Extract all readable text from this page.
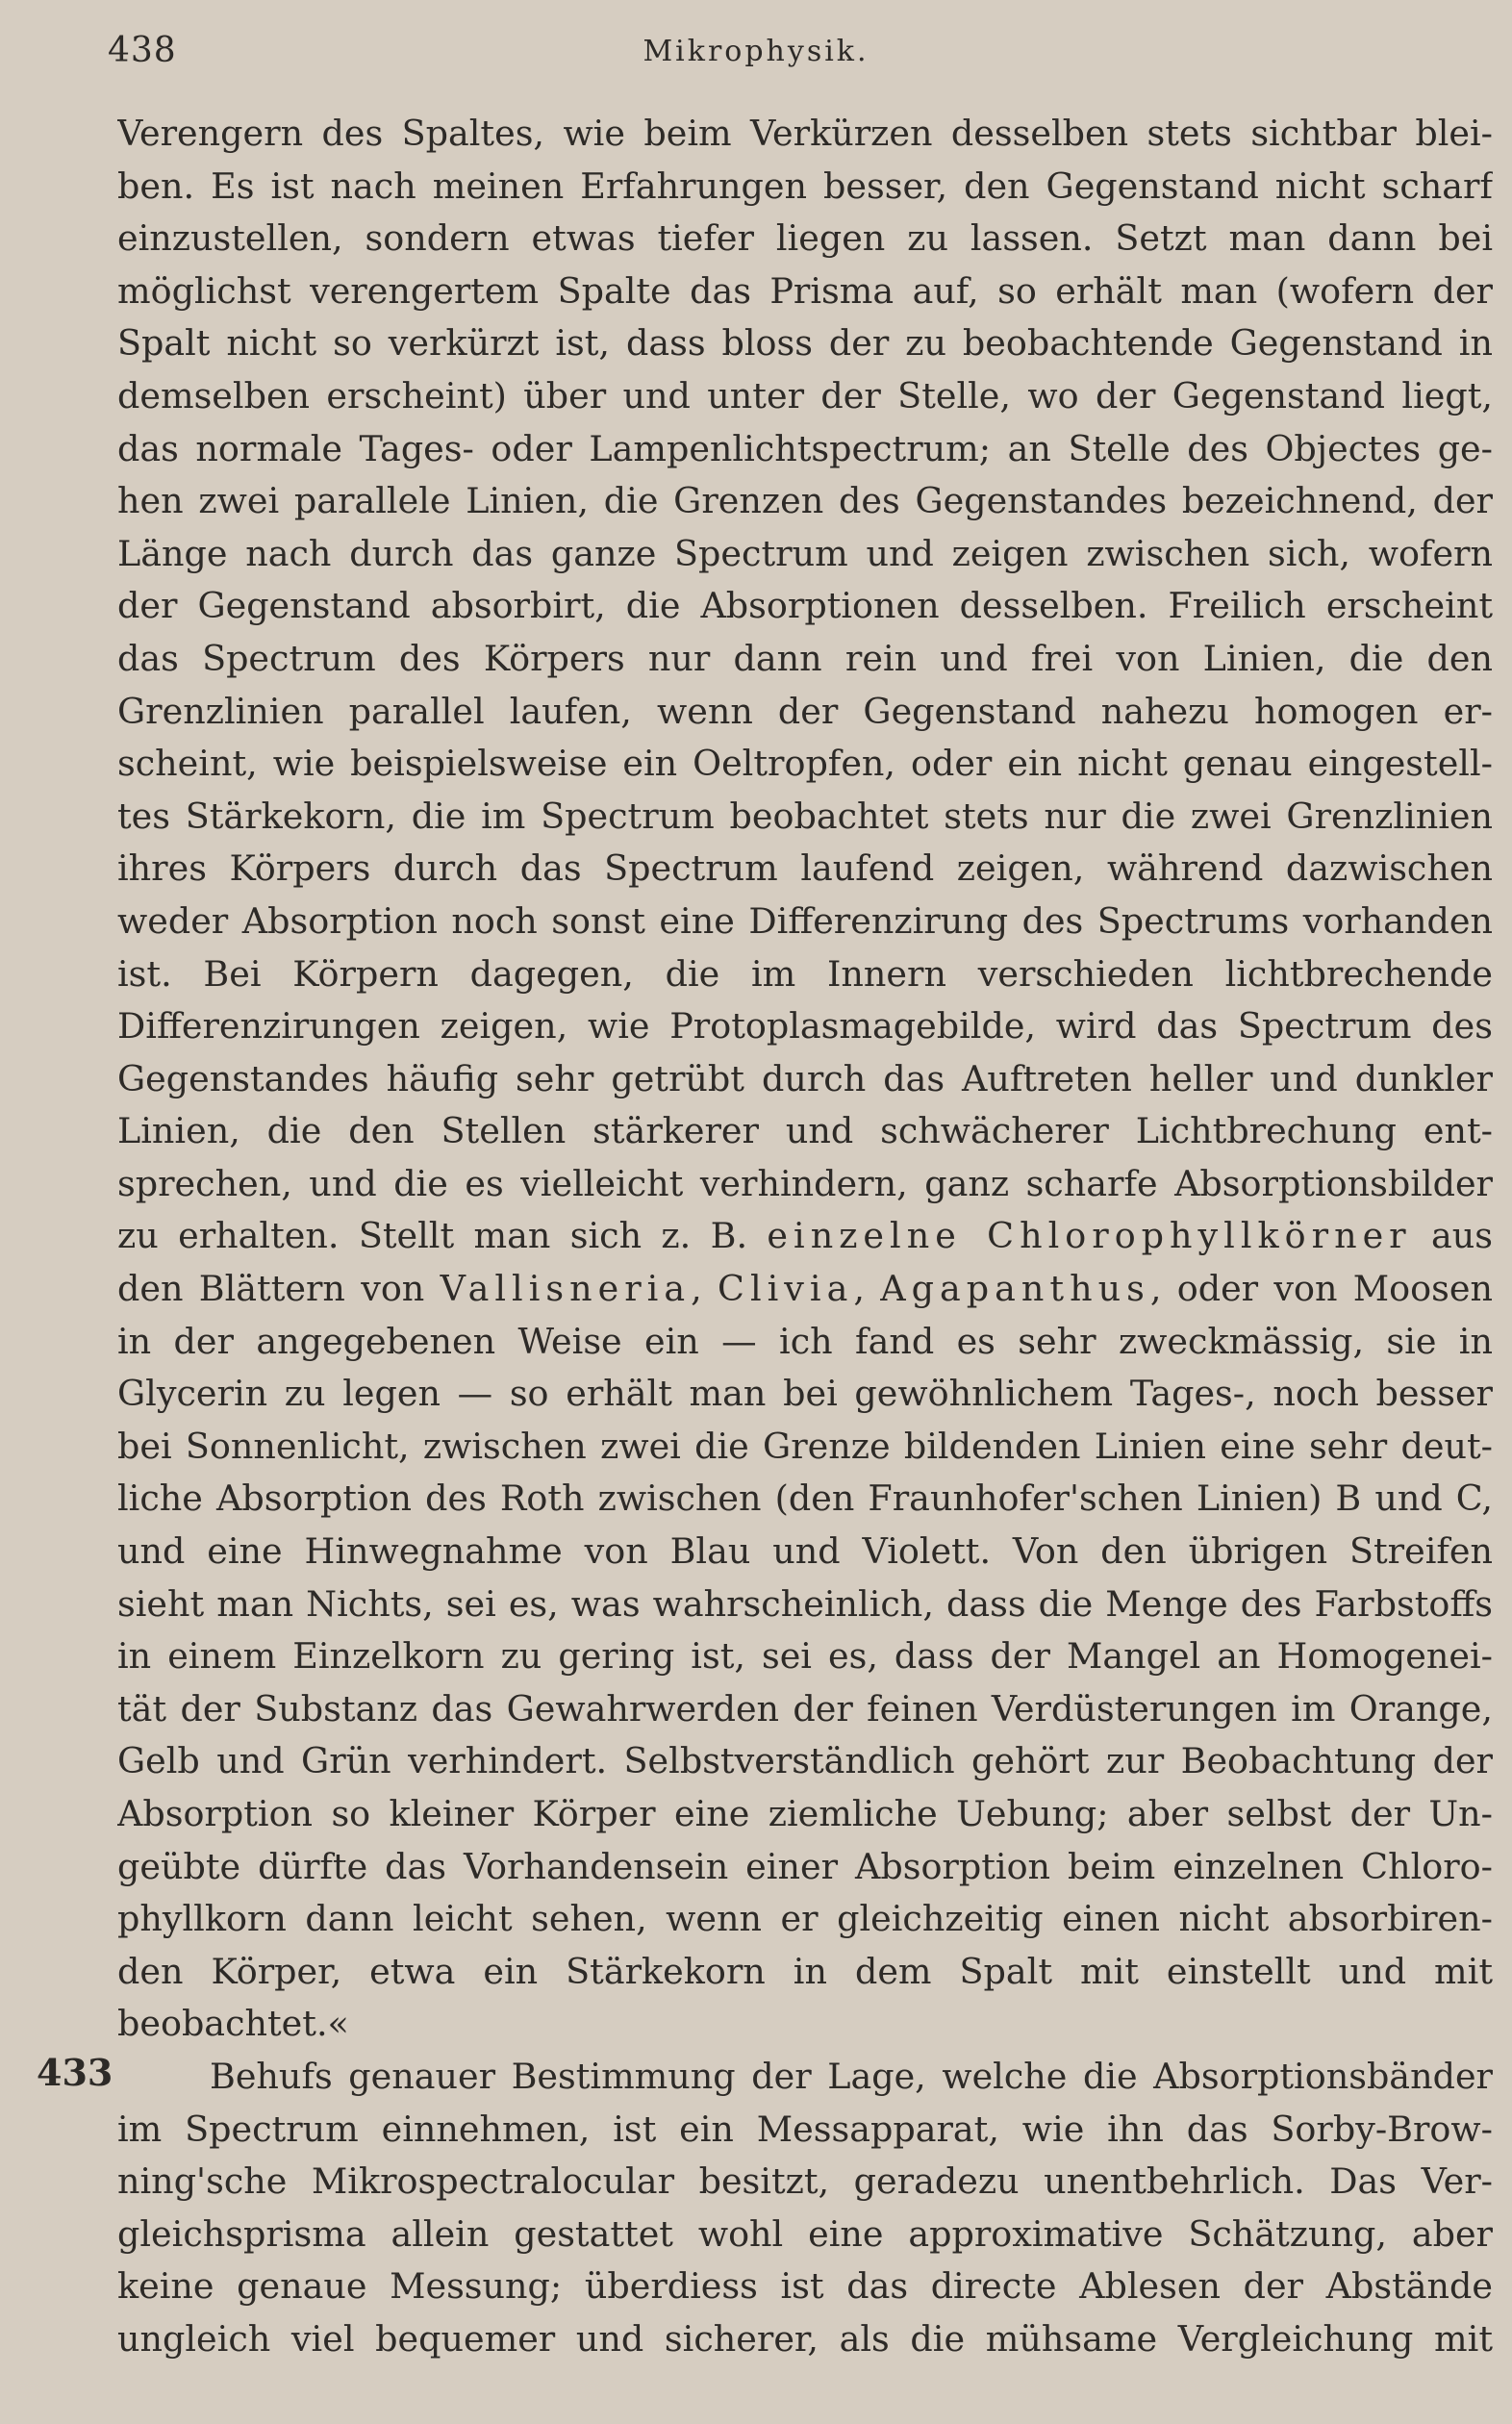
438	Mikrophysik.
Verengern des Spaltes, wie beim Verkürzen desselben stets sichtbar blei-
ben. Es ist nach meinen Erfahrungen besser, den Gegenstand nicht scharf
einzustellen, sondern etwas tiefer liegen zu lassen. Setzt man dann bei
möglichst verengertem Spalte das Prisma auf, so erhält man (wofern der
Spalt nicht so verkürzt ist, dass bloss der zu beobachtende Gegenstand in
demselben erscheint) über und unter der Stelle, wo der Gegenstand liegt,
das normale Tages- oder Lampenlichtspectrum; an Stelle des Objectes ge-
hen zwei parallele Linien, die Grenzen des Gegenstandes bezeichnend, der
Länge nach durch das ganze Spectrum und zeigen zwischen sich, wofern
der Gegenstand absorbirt, die Absorptionen desselben. Freilich erscheint
das Spectrum des Körpers nur dann rein und frei von Linien, die den
Grenzlinien parallel laufen, wenn der Gegenstand nahezu homogen er-
scheint, wie beispielsweise ein Oeltropfen, oder ein nicht genau eingestell-
tes Stärkekorn, die im Spectrum beobachtet stets nur die zwei Grenzlinien
ihres Körpers durch das Spectrum laufend zeigen, während dazwischen
weder Absorption noch sonst eine Differenzirung des Spectrums vorhanden
ist. Bei Körpern dagegen, die im Innern verschieden lichtbrechende
Differenzirungen zeigen, wie Protoplasmagebilde, wird das Spectrum des
Gegenstandes häufig sehr getrübt durch das Auftreten heller und dunkler
Linien, die den Stellen stärkerer und schwächerer Lichtbrechung ent-
sprechen, und die es vielleicht verhindern, ganz scharfe Absorptionsbilder
zu erhalten. Stellt man sich z. B. einzelne Chlorophyllkörner aus
den Blättern von Vallisneria, Clivia, Agapanthus, oder von Moosen
in der angegebenen Weise ein — ich fand es sehr zweckmässig, sie in
Glycerin zu legen — so erhält man bei gewöhnlichem Tages-, noch besser
bei Sonnenlicht, zwischen zwei die Grenze bildenden Linien eine sehr deut-
liche Absorption des Roth zwischen (den Fraunhofer'schen Linien) B und C,
und eine Hinwegnahme von Blau und Violett. Von den übrigen Streifen
sieht man Nichts, sei es, was wahrscheinlich, dass die Menge des Farbstoffs
in einem Einzelkorn zu gering ist, sei es, dass der Mangel an Homogenei-
tät der Substanz das Gewahrwerden der feinen Verdüsterungen im Orange,
Gelb und Grün verhindert. Selbstverständlich gehört zur Beobachtung der
Absorption so kleiner Körper eine ziemliche Uebung; aber selbst der Un-
geübte dürfte das Vorhandensein einer Absorption beim einzelnen Chloro-
phyllkorn dann leicht sehen, wenn er gleichzeitig einen nicht absorbiren-
den Körper, etwa ein Stärkekorn in dem Spalt mit einstellt und mit
beobachtet.«
433	Behufs genauer Bestimmung der Lage, welche die Absorptionsbänder
im Spectrum einnehmen, ist ein Messapparat, wie ihn das Sorby-Brow-
ning'sche Mikrospectralocular besitzt, geradezu unentbehrlich. Das Ver-
gleichsprisma allein gestattet wohl eine approximative Schätzung, aber
keine genaue Messung; überdiess ist das directe Ablesen der Abstände
ungleich viel bequemer und sicherer, als die mühsame Vergleichung mit
